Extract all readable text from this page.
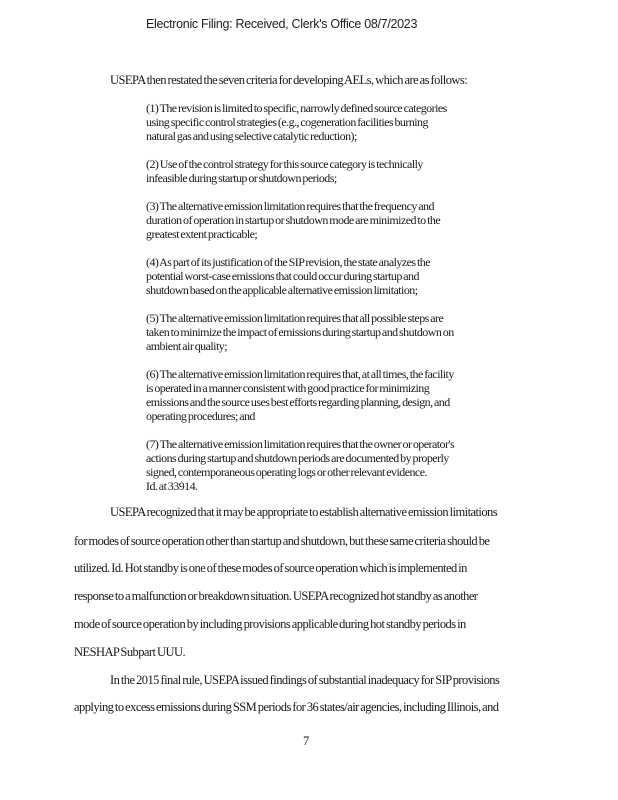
Electronic Filing: Received, Clerk's Office 08/7/2023
USEPA then restated the seven criteria for developing AELs, which are as follows:

(1) The revision is limited to specific, narrowly defined source categories
using specific control strategies (e.g., cogeneration facilities burning
natural gas and using selective catalytic reduction);

(2) Use of the control strategy for this source category is technically
infeasible during startup or shutdown periods;

(3) The alternative emission limitation requires that the frequency and
duration of operation in startup or shutdown mode are minimized to the
greatest extent practicable;

(4) As part of its justification of the SIP revision, the state analyzes the
potential worst-case emissions that could occur during startup and
shutdown based on the applicable alternative emission limitation;

(5) The alternative emission limitation requires that all possible steps are
taken to minimize the impact of emissions during startup and shutdown on
ambient air quality;

(6) The alternative emission limitation requires that, at all times, the facility
is operated in a manner consistent with good practice for minimizing
emissions and the source uses best efforts regarding planning, design, and
operating procedures; and

(7) The alternative emission limitation requires that the owner or operator's
actions during startup and shutdown periods are documented by properly
signed, contemporaneous operating logs or other relevant evidence.

Id. at 33914.

USEPA recognized that it may be appropriate to establish alternative emission limitations
for modes of source operation other than startup and shutdown, but these same criteria should be
utilized. Id. Hot standby is one of these modes of source operation which is implemented in
response to a malfunction or breakdown situation. USEPA recognized hot standby as another
mode of source operation by including provisions applicable during hot standby periods in
NESHAP Subpart UUU.
In the 2015 final rule, USEPA issued findings of substantial inadequacy for SIP provisions
applying to excess emissions during SSM periods for 36 states/air agencies, including Illinois, and
7
